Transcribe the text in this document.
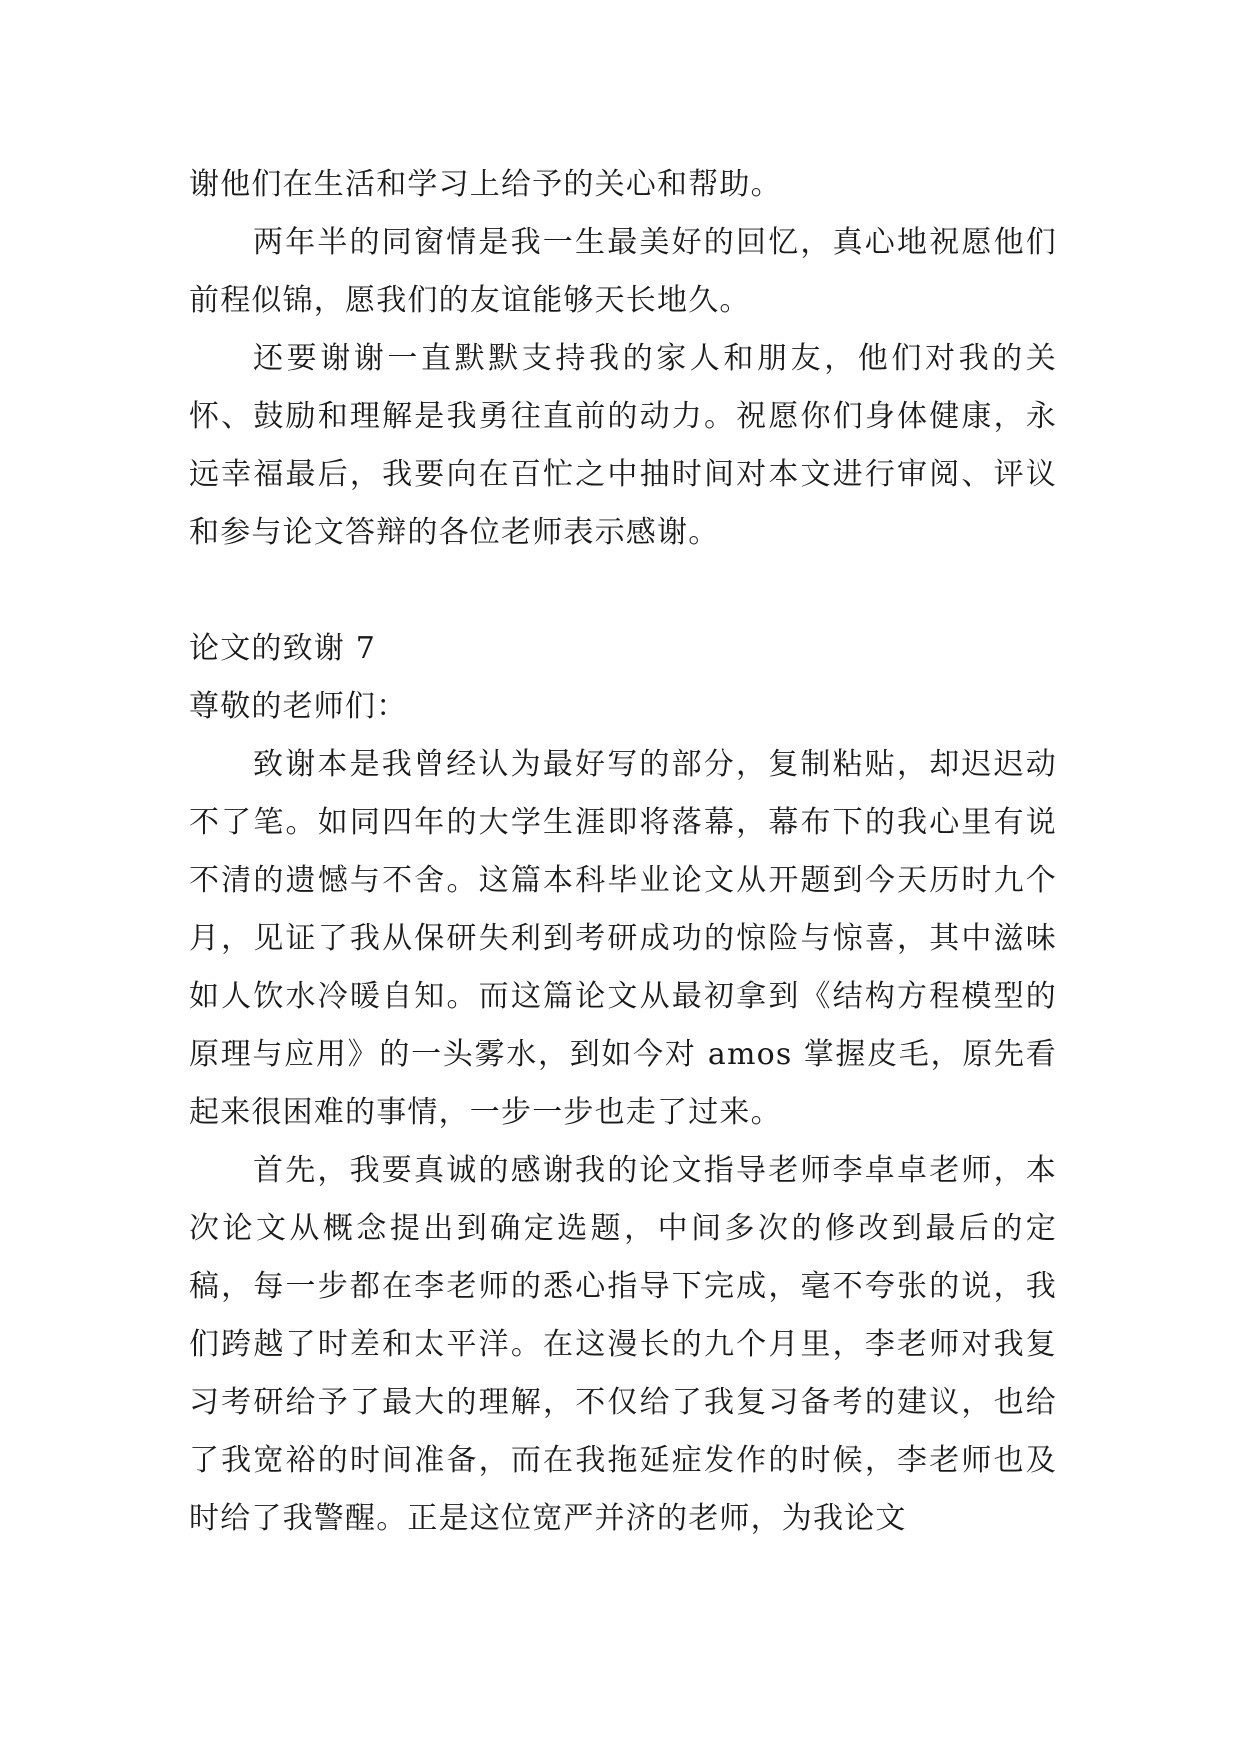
谢他们在生活和学习上给予的关心和帮助。

两年半的同窗情是我一生最美好的回忆，真心地祝愿他们前程似锦，愿我们的友谊能够天长地久。

还要谢谢一直默默支持我的家人和朋友，他们对我的关怀、鼓励和理解是我勇往直前的动力。祝愿你们身体健康，永远幸福最后，我要向在百忙之中抽时间对本文进行审阅、评议和参与论文答辩的各位老师表示感谢。

论文的致谢 7

尊敬的老师们：

致谢本是我曾经认为最好写的部分，复制粘贴，却迟迟动不了笔。如同四年的大学生涯即将落幕，幕布下的我心里有说不清的遗憾与不舍。这篇本科毕业论文从开题到今天历时九个月，见证了我从保研失利到考研成功的惊险与惊喜，其中滋味如人饮水冷暖自知。而这篇论文从最初拿到《结构方程模型的原理与应用》的一头雾水，到如今对 amos 掌握皮毛，原先看起来很困难的事情，一步一步也走了过来。

首先，我要真诚的感谢我的论文指导老师李卓卓老师，本次论文从概念提出到确定选题，中间多次的修改到最后的定稿，每一步都在李老师的悉心指导下完成，毫不夸张的说，我们跨越了时差和太平洋。在这漫长的九个月里，李老师对我复习考研给予了最大的理解，不仅给了我复习备考的建议，也给了我宽裕的时间准备，而在我拖延症发作的时候，李老师也及时给了我警醒。正是这位宽严并济的老师，为我论文
